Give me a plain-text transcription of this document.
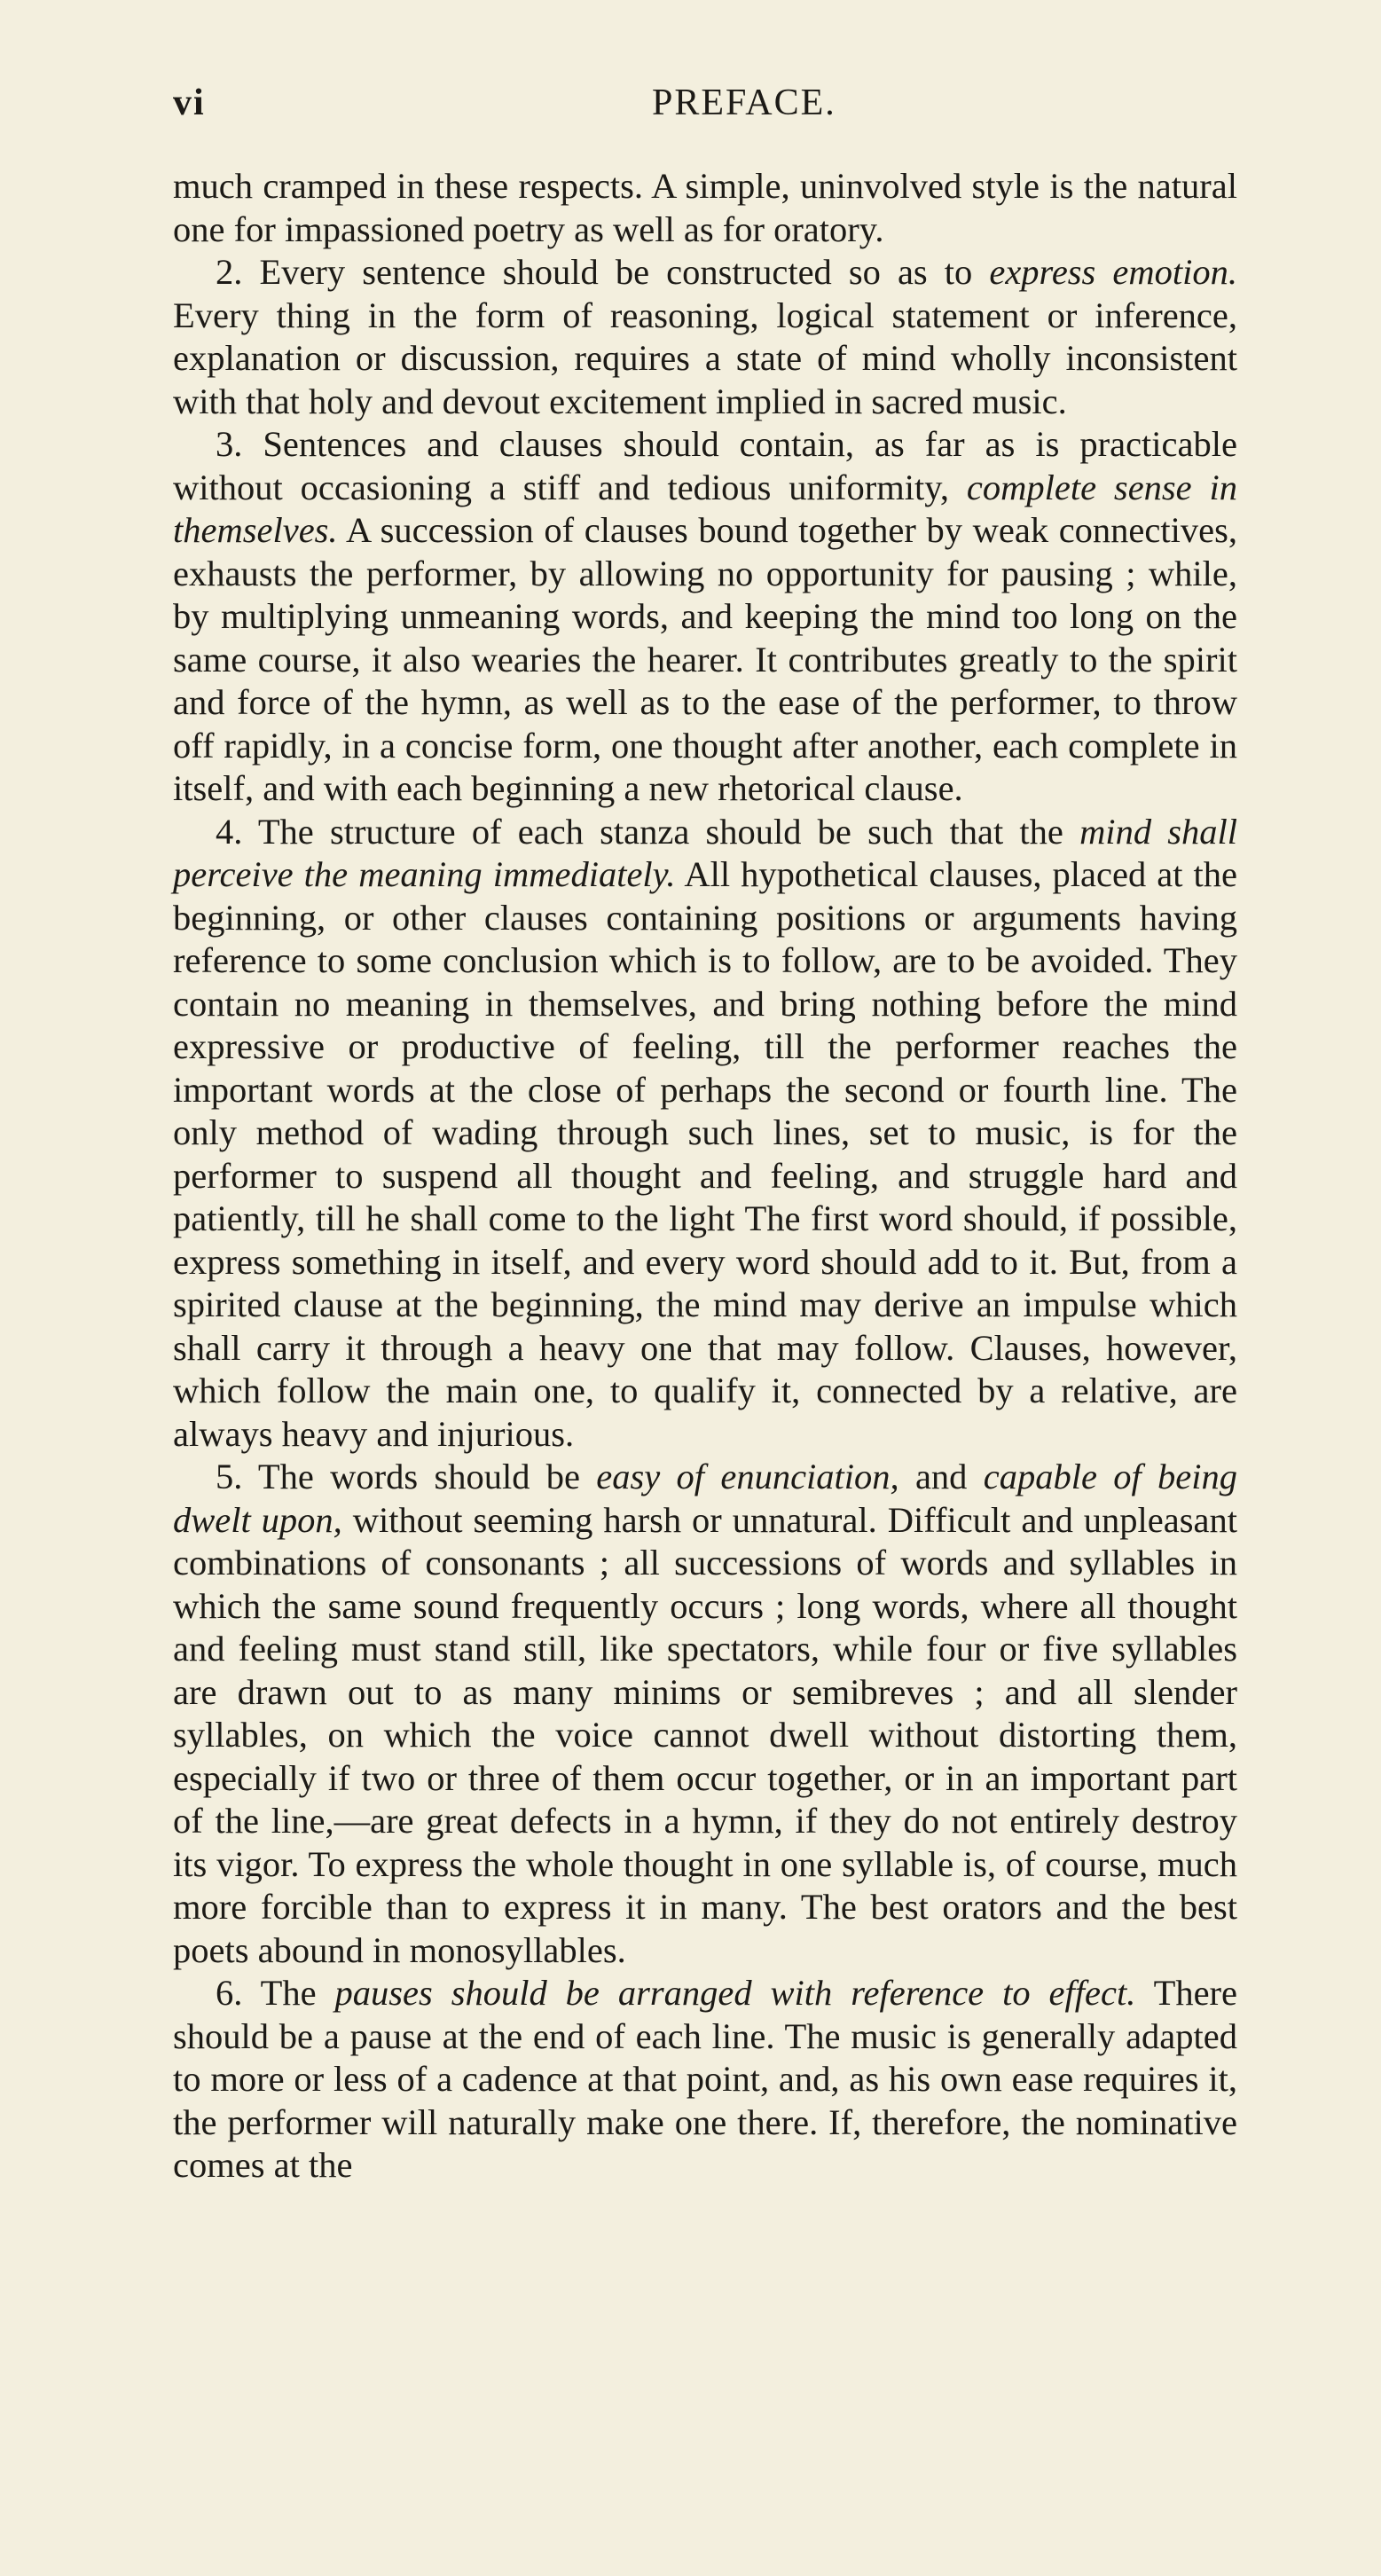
vi	PREFACE.

much cramped in these respects. A simple, uninvolved style is the natural one for impassioned poetry as well as for oratory.

2. Every sentence should be constructed so as to express emotion. Every thing in the form of reasoning, logical statement or inference, explanation or discussion, requires a state of mind wholly inconsistent with that holy and devout excitement implied in sacred music.

3. Sentences and clauses should contain, as far as is practicable without occasioning a stiff and tedious uniformity, complete sense in themselves. A succession of clauses bound together by weak connectives, exhausts the performer, by allowing no opportunity for pausing ; while, by multiplying unmeaning words, and keeping the mind too long on the same course, it also wearies the hearer. It contributes greatly to the spirit and force of the hymn, as well as to the ease of the performer, to throw off rapidly, in a concise form, one thought after another, each complete in itself, and with each beginning a new rhetorical clause.

4. The structure of each stanza should be such that the mind shall perceive the meaning immediately. All hypothetical clauses, placed at the beginning, or other clauses containing positions or arguments having reference to some conclusion which is to follow, are to be avoided. They contain no meaning in themselves, and bring nothing before the mind expressive or productive of feeling, till the performer reaches the important words at the close of perhaps the second or fourth line. The only method of wading through such lines, set to music, is for the performer to suspend all thought and feeling, and struggle hard and patiently, till he shall come to the light The first word should, if possible, express something in itself, and every word should add to it. But, from a spirited clause at the beginning, the mind may derive an impulse which shall carry it through a heavy one that may follow. Clauses, however, which follow the main one, to qualify it, connected by a relative, are always heavy and injurious.

5. The words should be easy of enunciation, and capable of being dwelt upon, without seeming harsh or unnatural. Difficult and unpleasant combinations of consonants ; all successions of words and syllables in which the same sound frequently occurs ; long words, where all thought and feeling must stand still, like spectators, while four or five syllables are drawn out to as many minims or semibreves ; and all slender syllables, on which the voice cannot dwell without distorting them, especially if two or three of them occur together, or in an important part of the line,—are great defects in a hymn, if they do not entirely destroy its vigor. To express the whole thought in one syllable is, of course, much more forcible than to express it in many. The best orators and the best poets abound in monosyllables.

6. The pauses should be arranged with reference to effect. There should be a pause at the end of each line. The music is generally adapted to more or less of a cadence at that point, and, as his own ease requires it, the performer will naturally make one there. If, therefore, the nominative comes at the
